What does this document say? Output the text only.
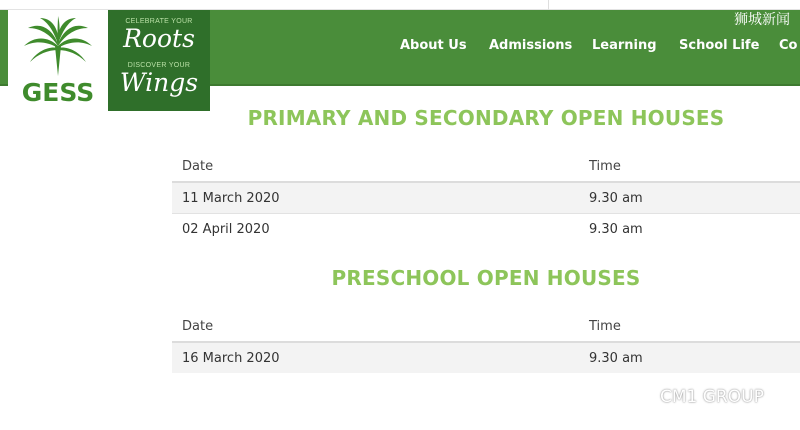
GESS
CELEBRATE YOUR
Roots
DISCOVER YOUR
Wings
About Us Admissions Learning School Life Co
狮城新闻
PRIMARY AND SECONDARY OPEN HOUSES
Date	Time
11 March 2020	9.30 am
02 April 2020	9.30 am
PRESCHOOL OPEN HOUSES
Date	Time
16 March 2020	9.30 am
CM1 GROUP
